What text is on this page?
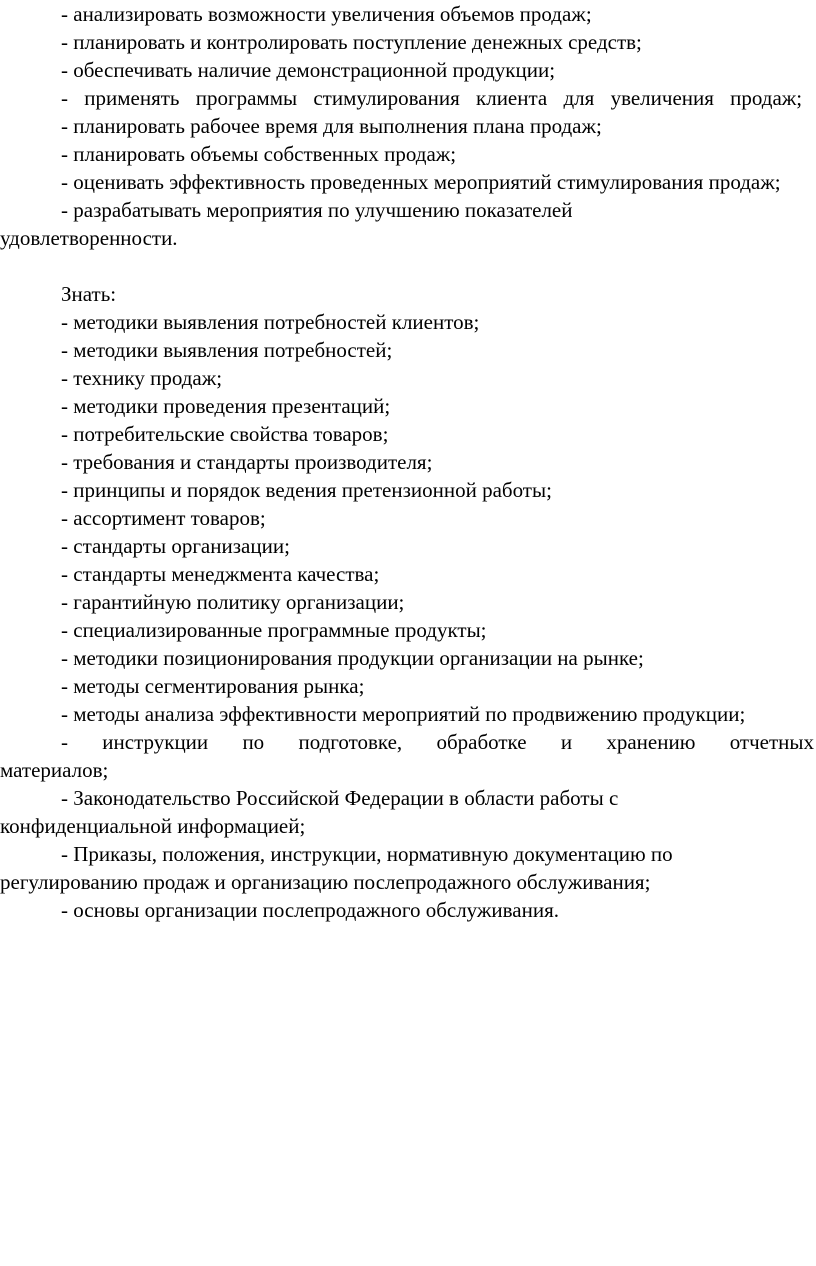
- анализировать возможности увеличения объемов продаж;

- планировать и контролировать поступление денежных средств;

- обеспечивать наличие демонстрационной продукции;

- применять программы стимулирования клиента для увеличения продаж;

- планировать рабочее время для выполнения плана продаж;

- планировать объемы собственных продаж;

- оценивать эффективность проведенных мероприятий стимулирования продаж;

- разрабатывать мероприятия по улучшению показателей удовлетворенности.

Знать:

- методики выявления потребностей клиентов;

- методики выявления потребностей;

- технику продаж;

- методики проведения презентаций;

- потребительские свойства товаров;

- требования и стандарты производителя;

- принципы и порядок ведения претензионной работы;

- ассортимент товаров;

- стандарты организации;

- стандарты менеджмента качества;

- гарантийную политику организации;

- специализированные программные продукты;

- методики позиционирования продукции организации на рынке;

- методы сегментирования рынка;

- методы анализа эффективности мероприятий по продвижению продукции;

- инструкции по подготовке, обработке и хранению отчетных материалов;

- Законодательство Российской Федерации в области работы с конфиденциальной информацией;

- Приказы, положения, инструкции, нормативную документацию по регулированию продаж и организацию послепродажного обслуживания;

- основы организации послепродажного обслуживания.
